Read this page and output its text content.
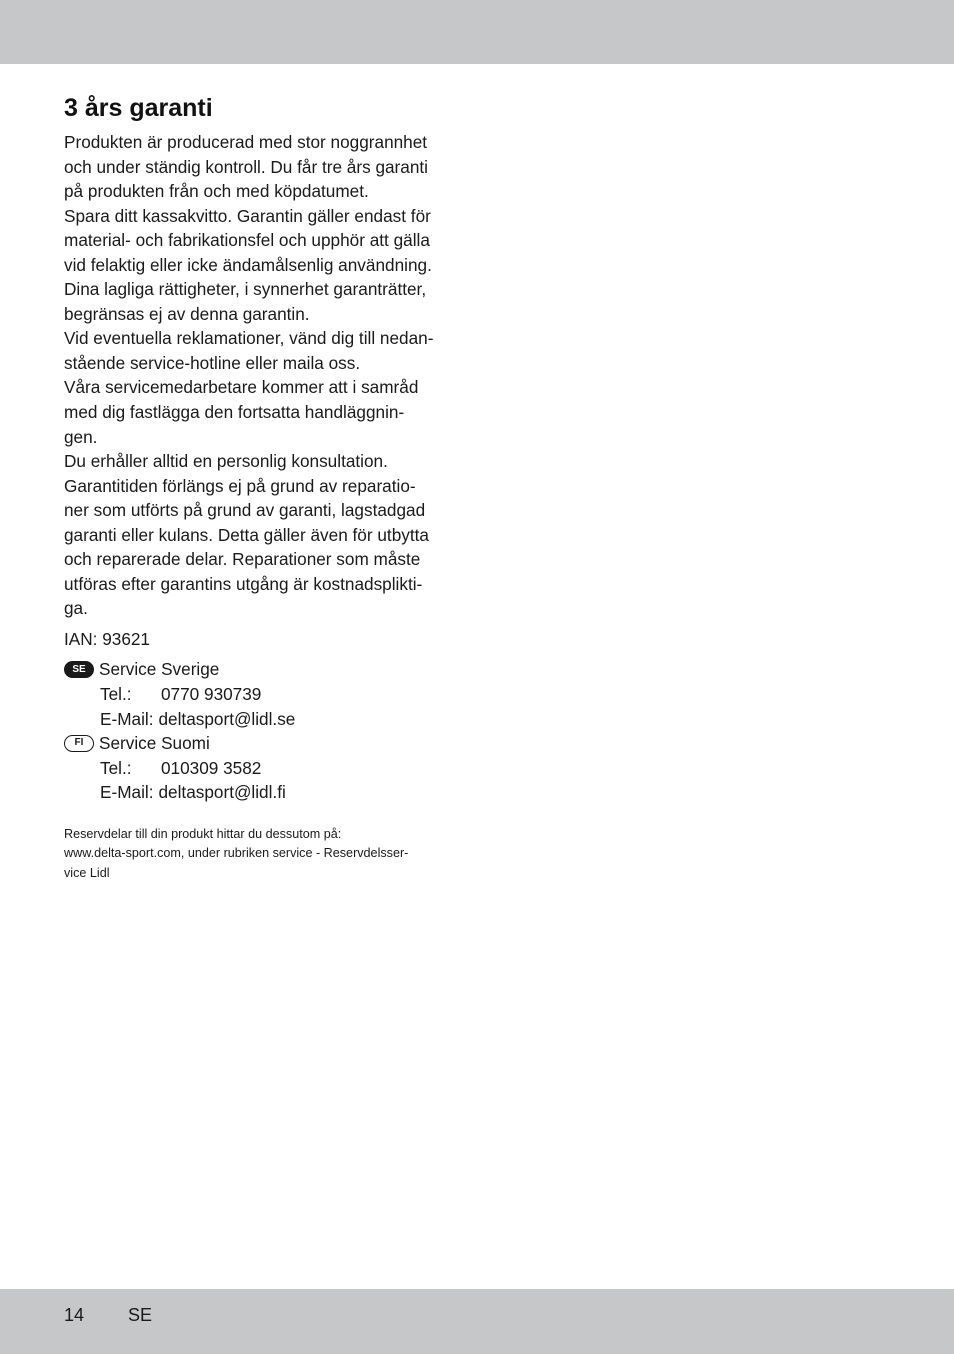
3 års garanti
Produkten är producerad med stor noggrannhet
och under ständig kontroll. Du får tre års garanti
på produkten från och med köpdatumet.
Spara ditt kassakvitto. Garantin gäller endast för
material- och fabrikationsfel och upphör att gälla
vid felaktig eller icke ändamålsenlig användning.
Dina lagliga rättigheter, i synnerhet garanträtter,
begränsas ej av denna garantin.
Vid eventuella reklamationer, vänd dig till nedan-
stående service-hotline eller maila oss.
Våra servicemedarbetare kommer att i samråd
med dig fastlägga den fortsatta handläggnin-
gen.
Du erhåller alltid en personlig konsultation.
Garantitiden förlängs ej på grund av reparatio-
ner som utförts på grund av garanti, lagstadgad
garanti eller kulans. Detta gäller även för utbytta
och reparerade delar. Reparationer som måste
utföras efter garantins utgång är kostnadsplikti-
ga.
IAN: 93621
SE Service Sverige
Tel.:	0770 930739
E-Mail: deltasport@lidl.se
FI Service Suomi
Tel.:	010309 3582
E-Mail: deltasport@lidl.fi
Reservdelar till din produkt hittar du dessutom på:
www.delta-sport.com, under rubriken service - Reservdelsser-
vice Lidl
14	SE
